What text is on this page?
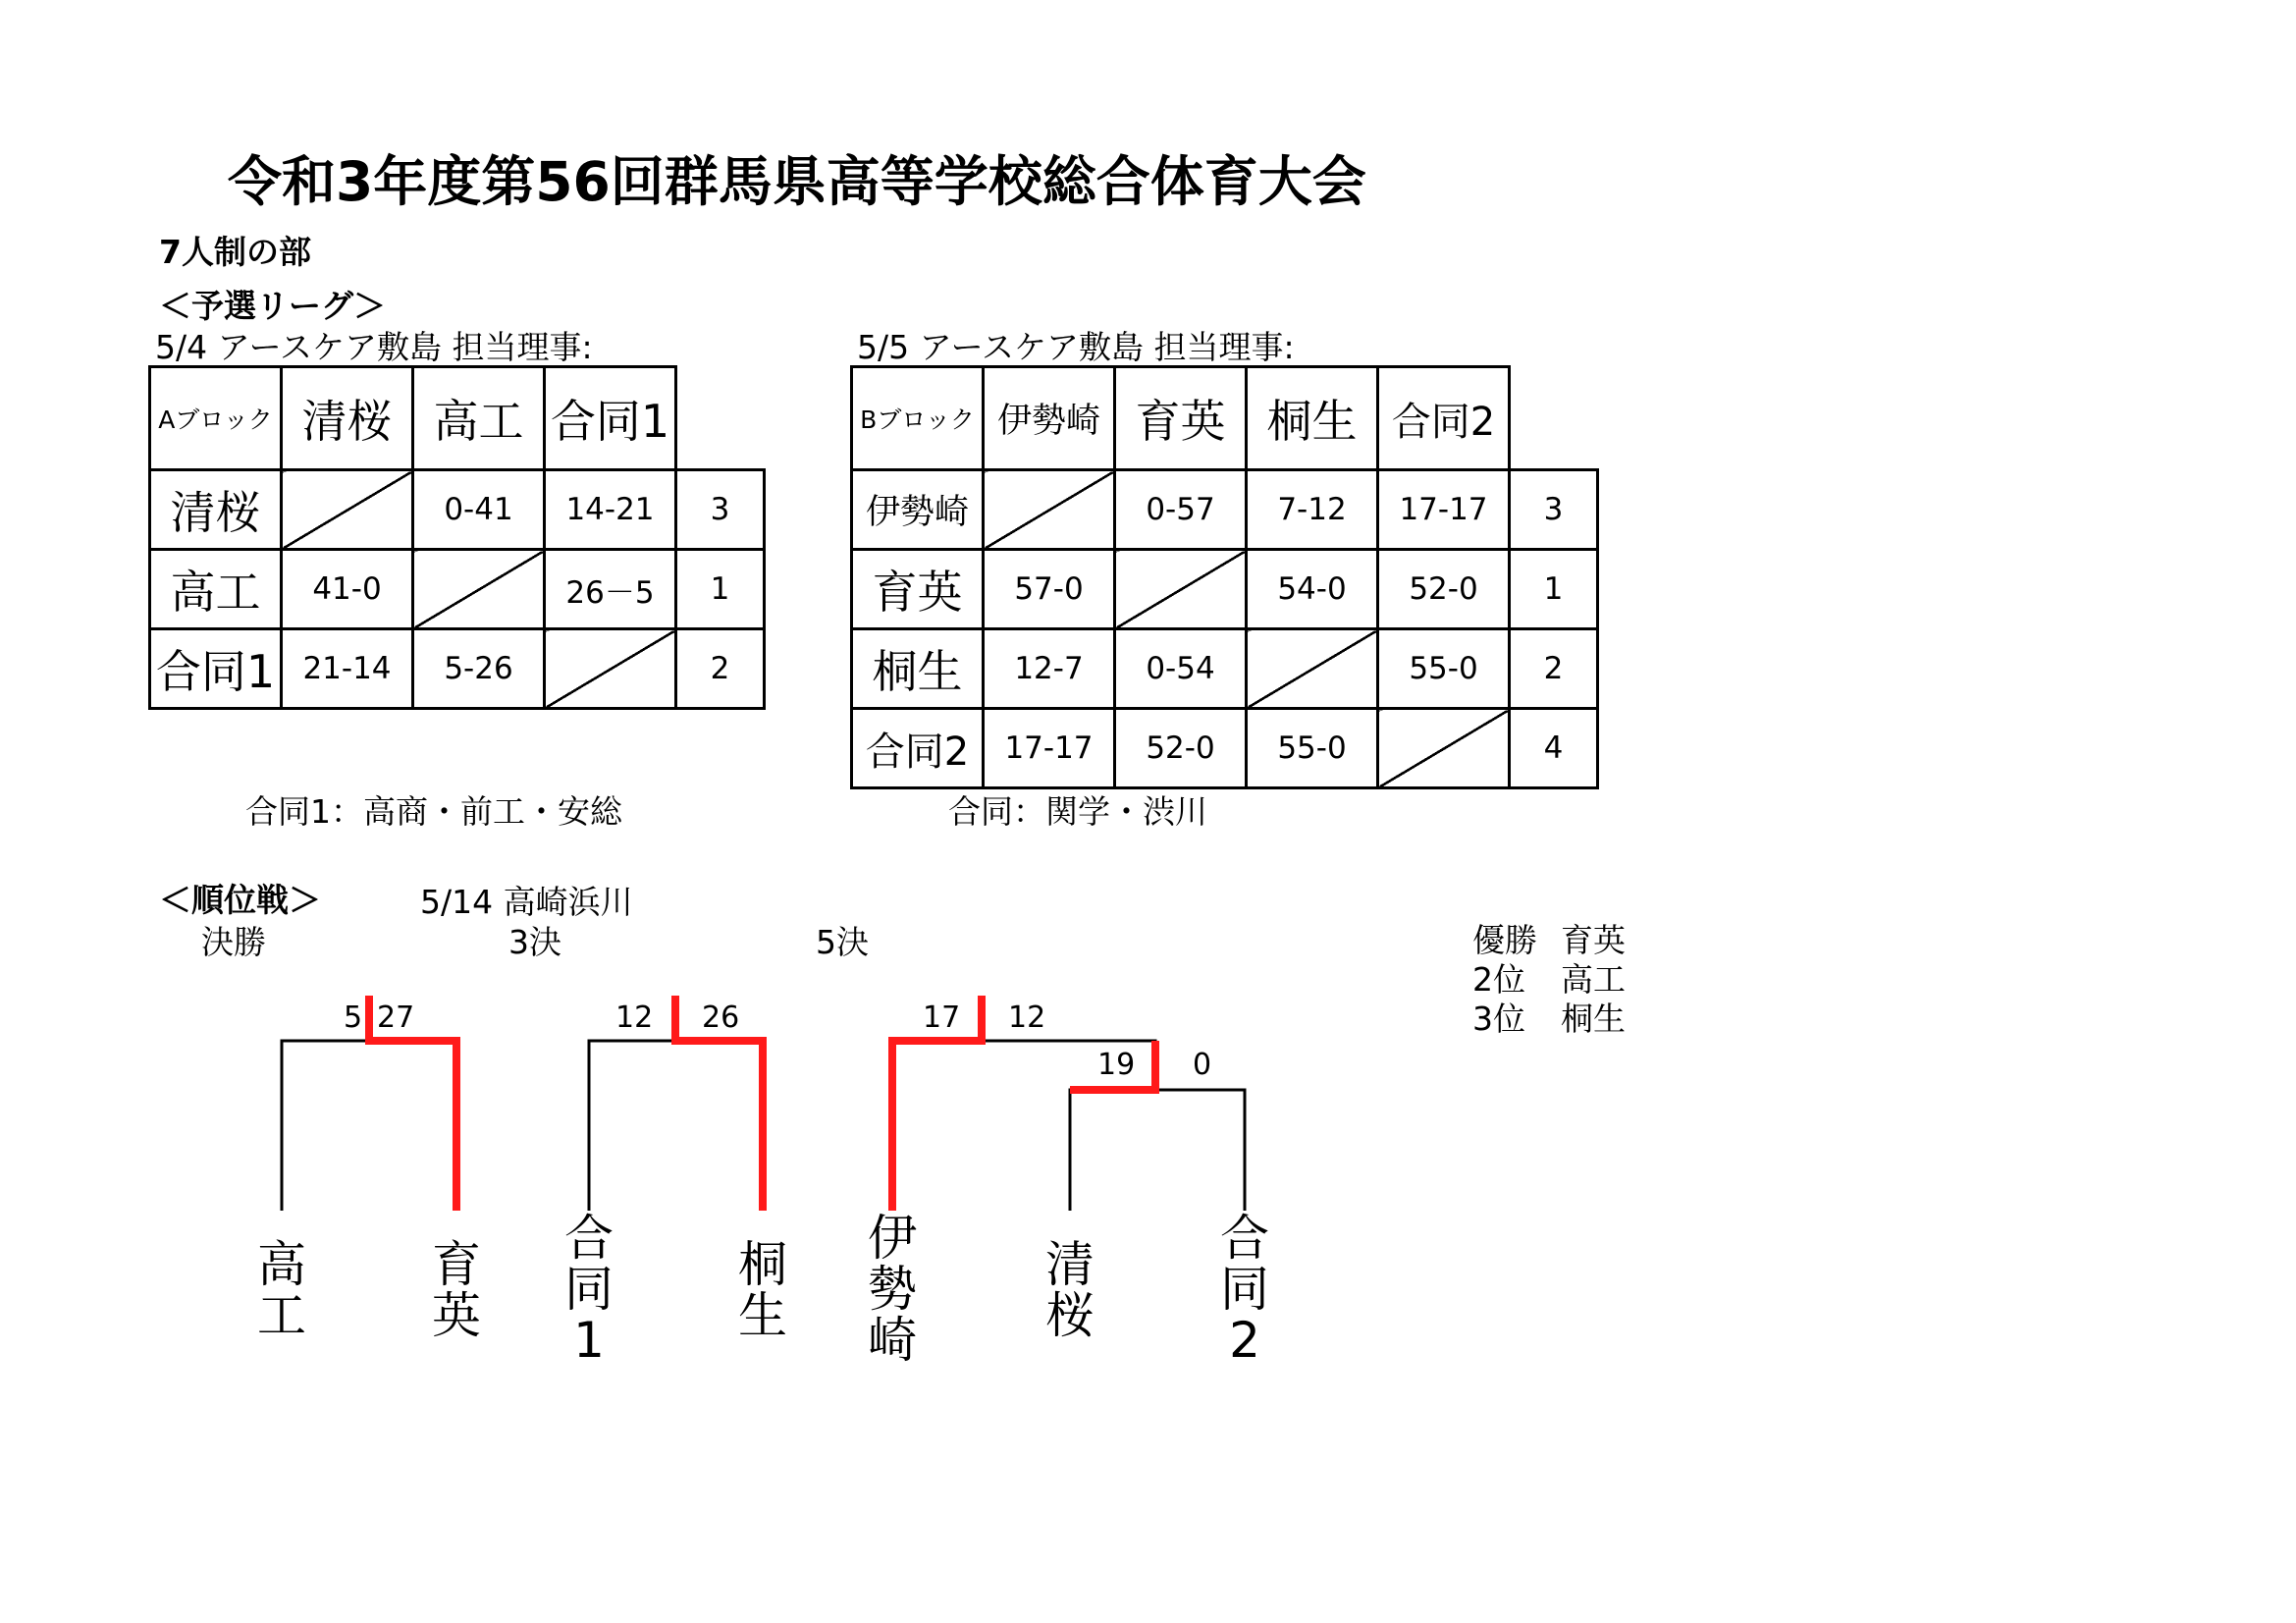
令和3年度第56回群馬県高等学校総合体育大会
7人制の部
＜予選リーグ＞
5/4 アースケア敷島 担当理事:
Aブロック	清桜	高工	合同1	
清桜		0-41	14-21	3
高工	41-0		26－5	1
合同1	21-14	5-26		2
合同1：高商・前工・安総
5/5 アースケア敷島 担当理事:
Bブロック	伊勢崎	育英	桐生	合同2	
伊勢崎		0-57	7-12	17-17	3
育英	57-0		54-0	52-0	1
桐生	12-7	0-54		55-0	2
合同2	17-17	52-0	55-0		4
合同：関学・渋川
＜順位戦＞	5/14 高崎浜川
決勝	3決	5決	優勝 育英
2位 高工
3位 桐生
5 27	12 26	17 12
19 0
高工
育英
合同1
桐生
伊勢崎
清桜
合同2
